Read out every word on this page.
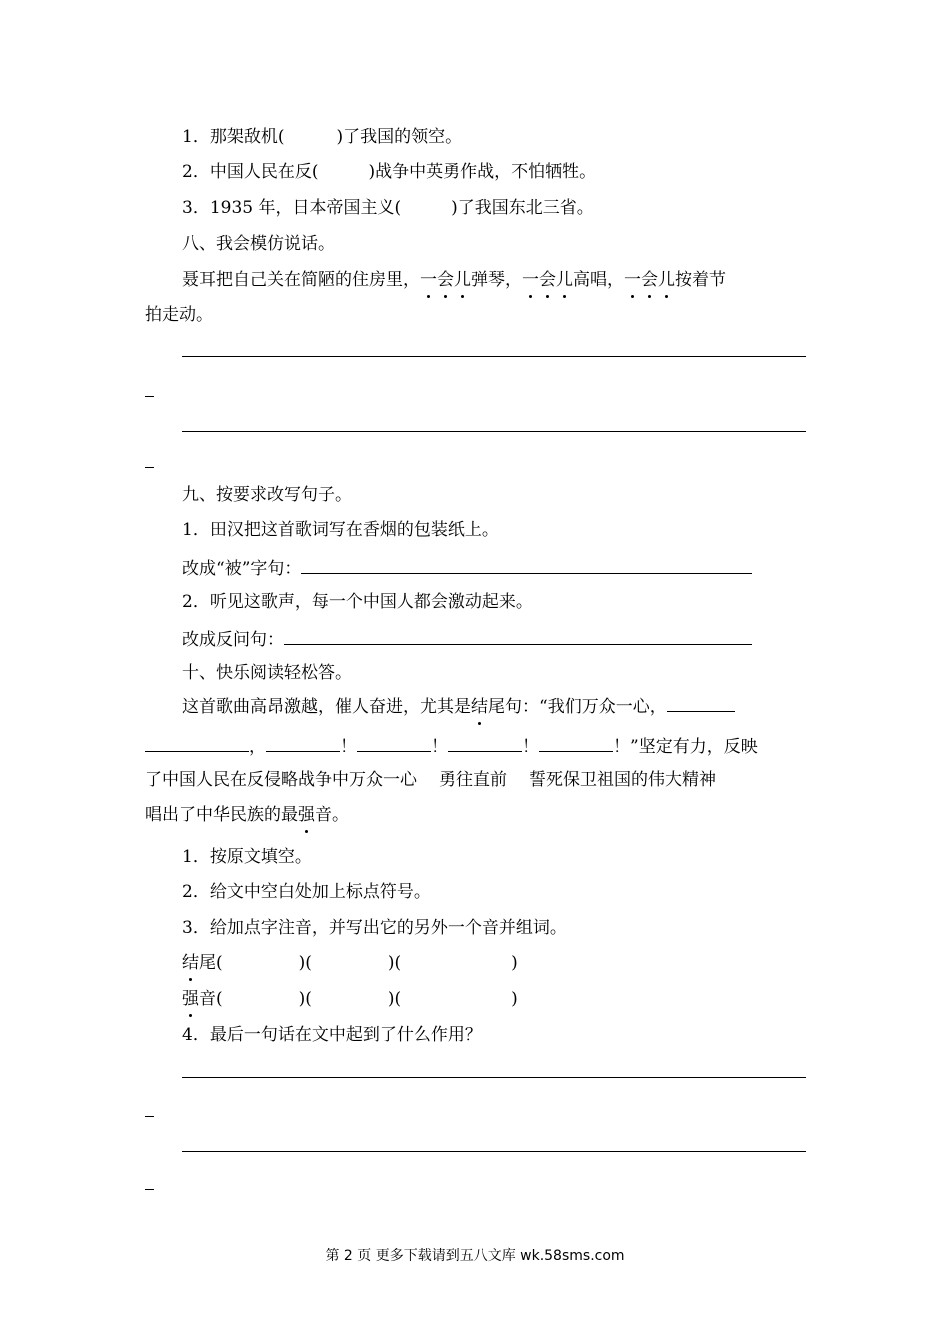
1．那架敌机(	)了我国的领空。
2．中国人民在反(	)战争中英勇作战，不怕牺牲。
3．1935 年，日本帝国主义(	)了我国东北三省。
八、我会模仿说话。
聂耳把自己关在简陋的住房里，一会儿弹琴，一会儿高唱，一会儿按着节
拍走动。
九、按要求改写句子。
1．田汉把这首歌词写在香烟的包装纸上。
改成“被”字句：
2．听见这歌声，每一个中国人都会激动起来。
改成反问句：
十、快乐阅读轻松答。
这首歌曲高昂激越，催人奋进，尤其是结尾句：“我们万众一心，
，	！	！	！	！”坚定有力，反映
了中国人民在反侵略战争中万众一心 勇往直前 誓死保卫祖国的伟大精神
唱出了中华民族的最强音。
1．按原文填空。
2．给文中空白处加上标点符号。
3．给加点字注音，并写出它的另外一个音并组词。
结尾(	)(	)(	)
强音(	)(	)(	)
4．最后一句话在文中起到了什么作用？
第 2 页 更多下载请到五八文库 wk.58sms.com
